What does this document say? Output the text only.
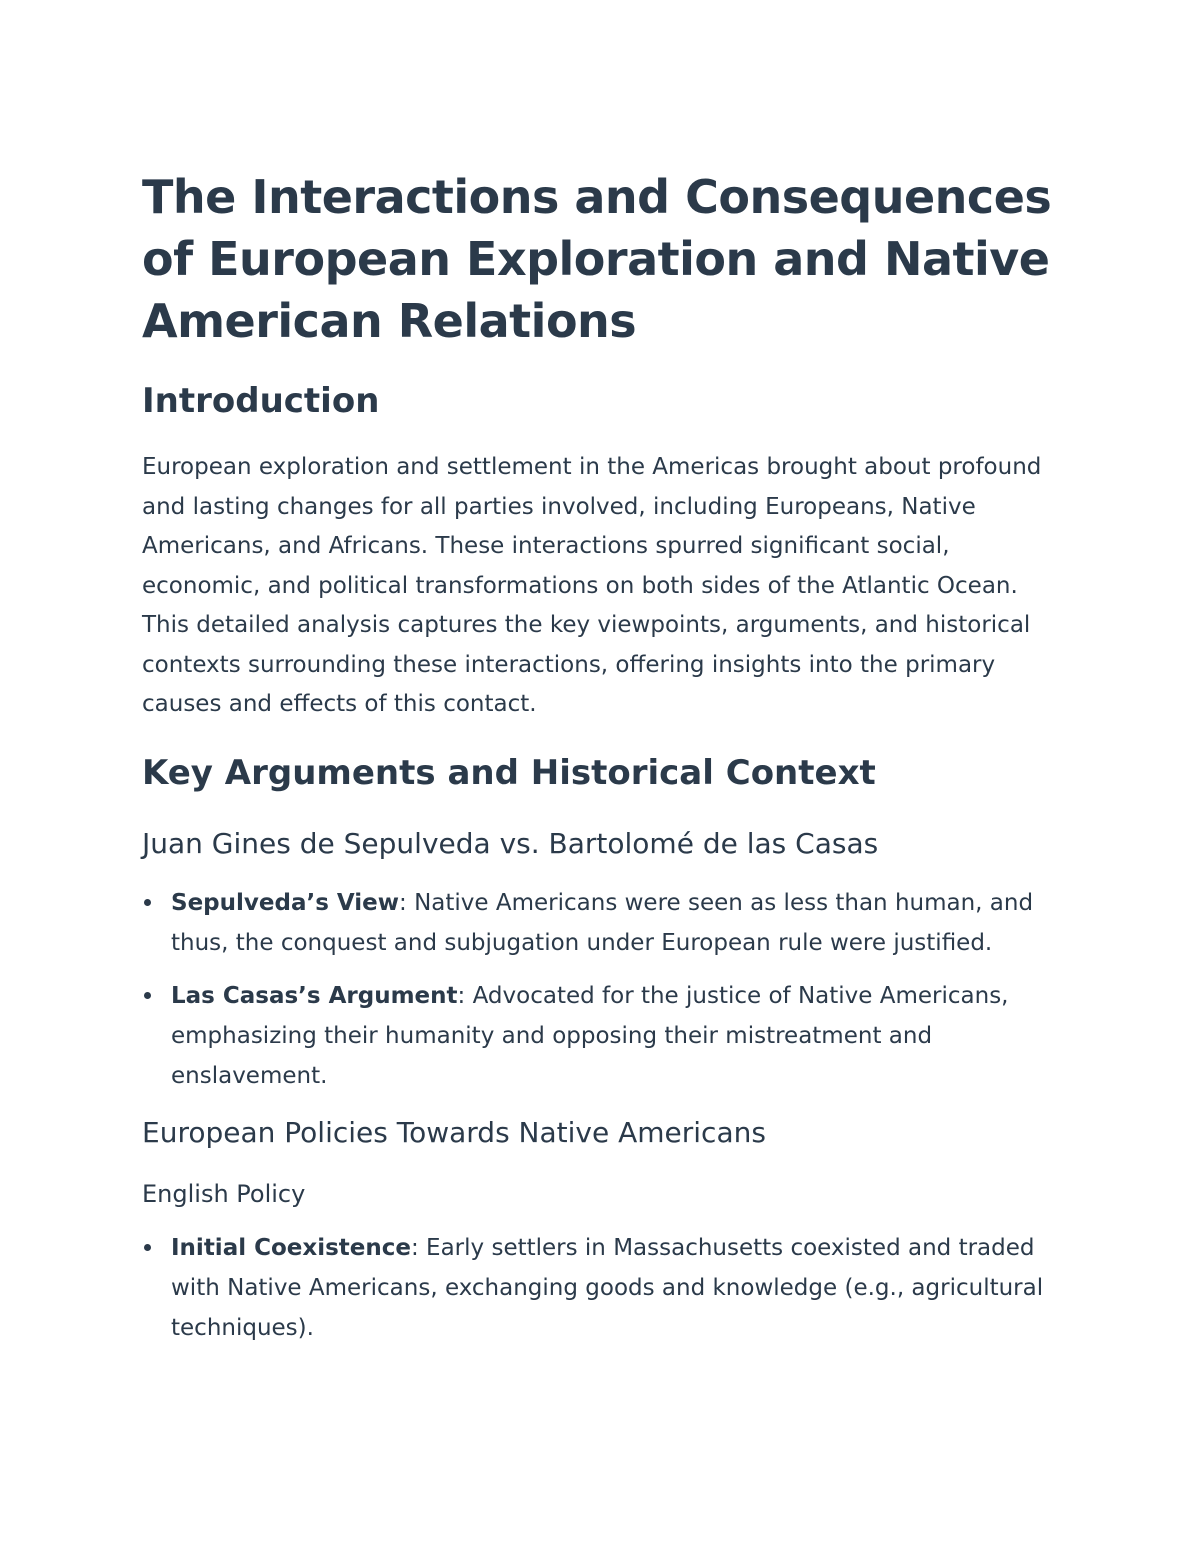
The Interactions and Consequences of European Exploration and Native American Relations
Introduction

European exploration and settlement in the Americas brought about profound and lasting changes for all parties involved, including Europeans, Native Americans, and Africans. These interactions spurred significant social, economic, and political transformations on both sides of the Atlantic Ocean. This detailed analysis captures the key viewpoints, arguments, and historical contexts surrounding these interactions, offering insights into the primary causes and effects of this contact.

Key Arguments and Historical Context
Juan Gines de Sepulveda vs. Bartolomé de las Casas
Sepulveda’s View: Native Americans were seen as less than human, and thus, the conquest and subjugation under European rule were justified.
Las Casas’s Argument: Advocated for the justice of Native Americans, emphasizing their humanity and opposing their mistreatment and enslavement.
European Policies Towards Native Americans
English Policy
Initial Coexistence: Early settlers in Massachusetts coexisted and traded with Native Americans, exchanging goods and knowledge (e.g., agricultural techniques).
